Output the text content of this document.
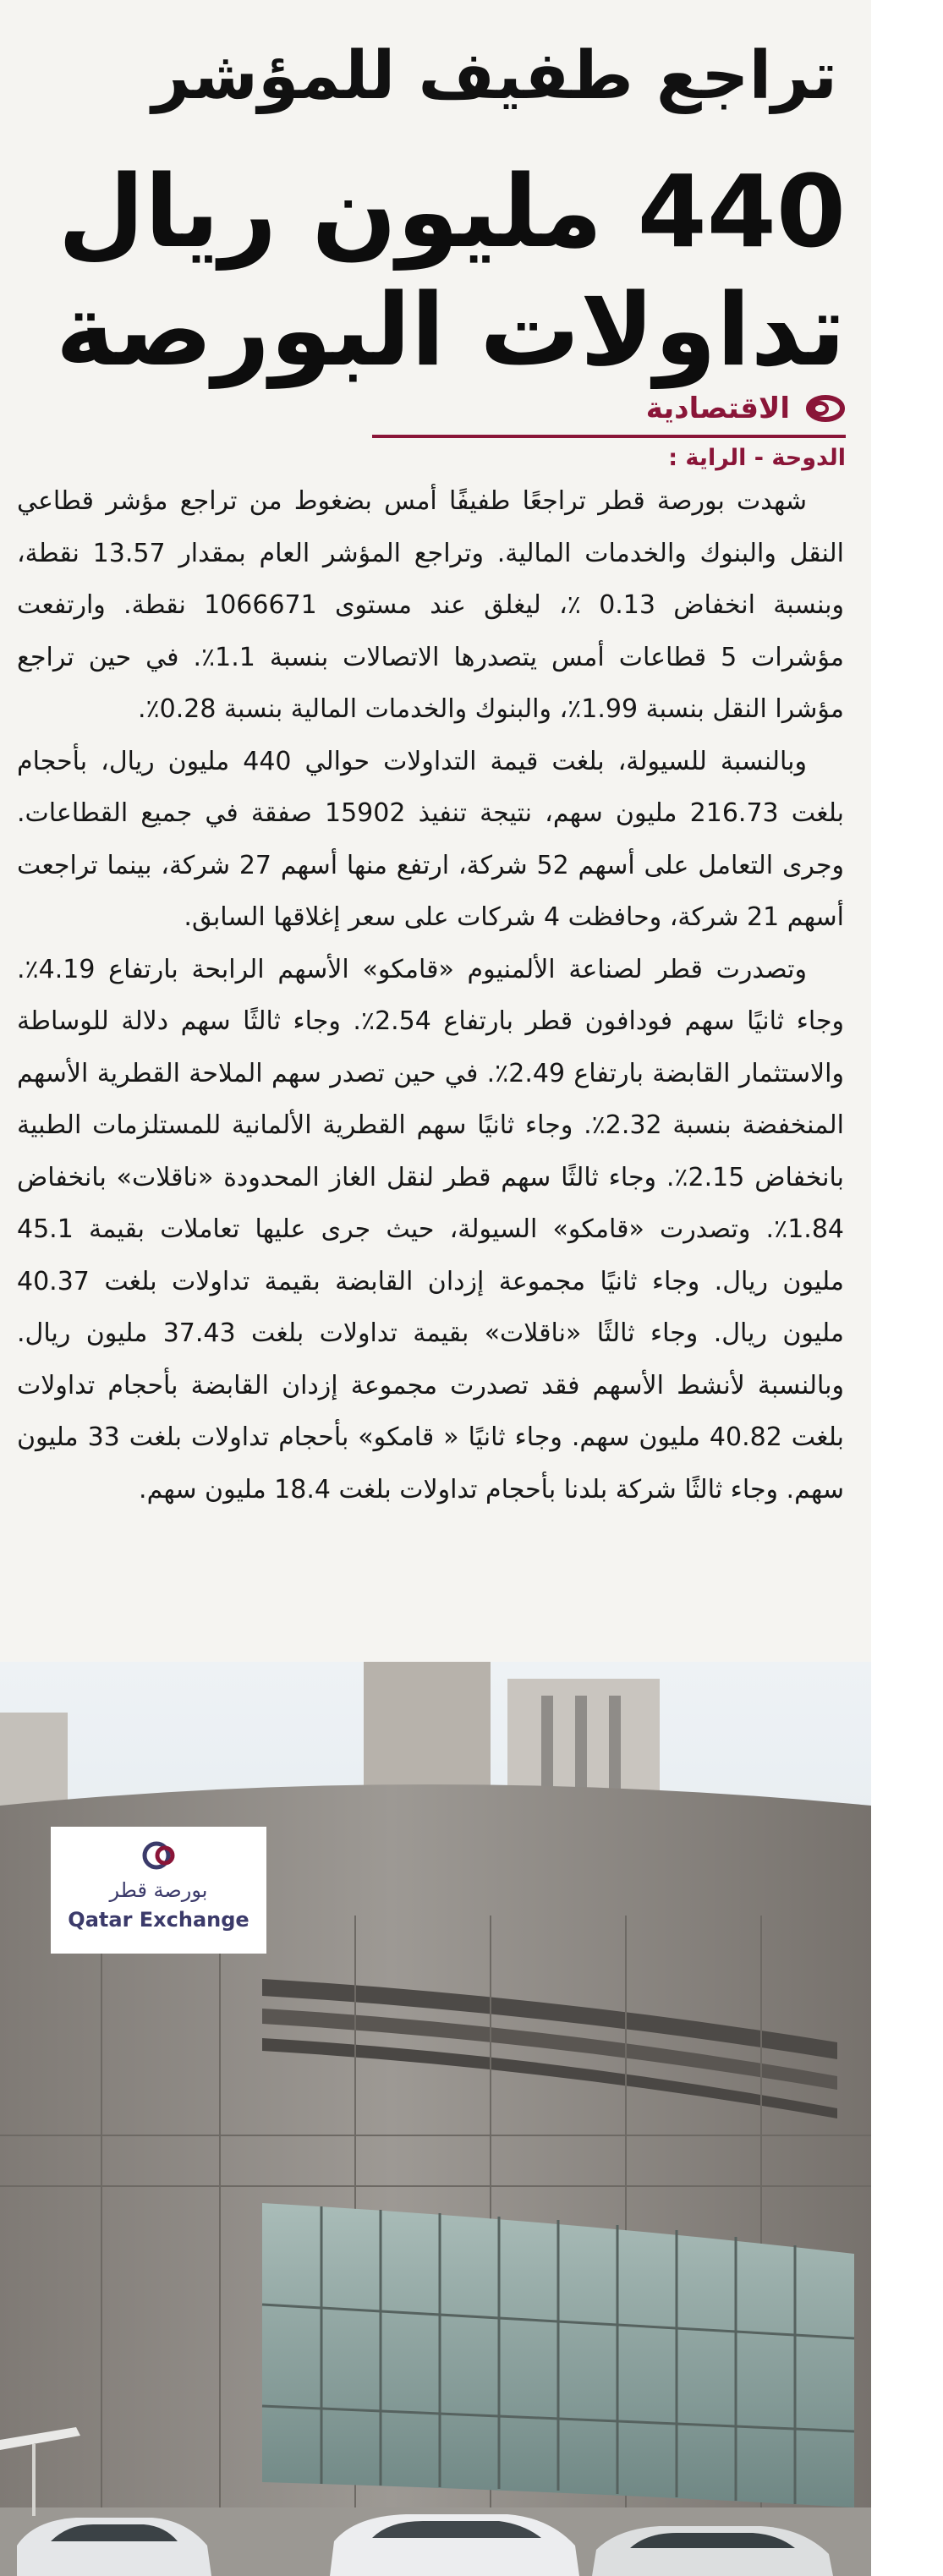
تراجع طفيف للمؤشر
440 مليون ريال
تداولات البورصة
الاقتصادية
الدوحة - الراية :

شهدت بورصة قطر تراجعًا طفيفًا أمس بضغوط من تراجع مؤشر قطاعي النقل والبنوك والخدمات المالية. وتراجع المؤشر العام بمقدار 13.57 نقطة، وبنسبة انخفاض 0.13 ٪، ليغلق عند مستوى 1066671 نقطة. وارتفعت مؤشرات 5 قطاعات أمس يتصدرها الاتصالات بنسبة 1.1٪. في حين تراجع مؤشرا النقل بنسبة 1.99٪، والبنوك والخدمات المالية بنسبة 0.28٪.

وبالنسبة للسيولة، بلغت قيمة التداولات حوالي 440 مليون ريال، بأحجام بلغت 216.73 مليون سهم، نتيجة تنفيذ 15902 صفقة في جميع القطاعات. وجرى التعامل على أسهم 52 شركة، ارتفع منها أسهم 27 شركة، بينما تراجعت أسهم 21 شركة، وحافظت 4 شركات على سعر إغلاقها السابق.

وتصدرت قطر لصناعة الألمنيوم «قامكو» الأسهم الرابحة بارتفاع 4.19٪. وجاء ثانيًا سهم فودافون قطر بارتفاع 2.54٪. وجاء ثالثًا سهم دلالة للوساطة والاستثمار القابضة بارتفاع 2.49٪. في حين تصدر سهم الملاحة القطرية الأسهم المنخفضة بنسبة 2.32٪. وجاء ثانيًا سهم القطرية الألمانية للمستلزمات الطبية بانخفاض 2.15٪. وجاء ثالثًا سهم قطر لنقل الغاز المحدودة «ناقلات» بانخفاض 1.84٪. وتصدرت «قامكو» السيولة، حيث جرى عليها تعاملات بقيمة 45.1 مليون ريال. وجاء ثانيًا مجموعة إزدان القابضة بقيمة تداولات بلغت 40.37 مليون ريال. وجاء ثالثًا «ناقلات» بقيمة تداولات بلغت 37.43 مليون ريال. وبالنسبة لأنشط الأسهم فقد تصدرت مجموعة إزدان القابضة بأحجام تداولات بلغت 40.82 مليون سهم. وجاء ثانيًا « قامكو» بأحجام تداولات بلغت 33 مليون سهم. وجاء ثالثًا شركة بلدنا بأحجام تداولات بلغت 18.4 مليون سهم.

بورصة قطر
Qatar Exchange
